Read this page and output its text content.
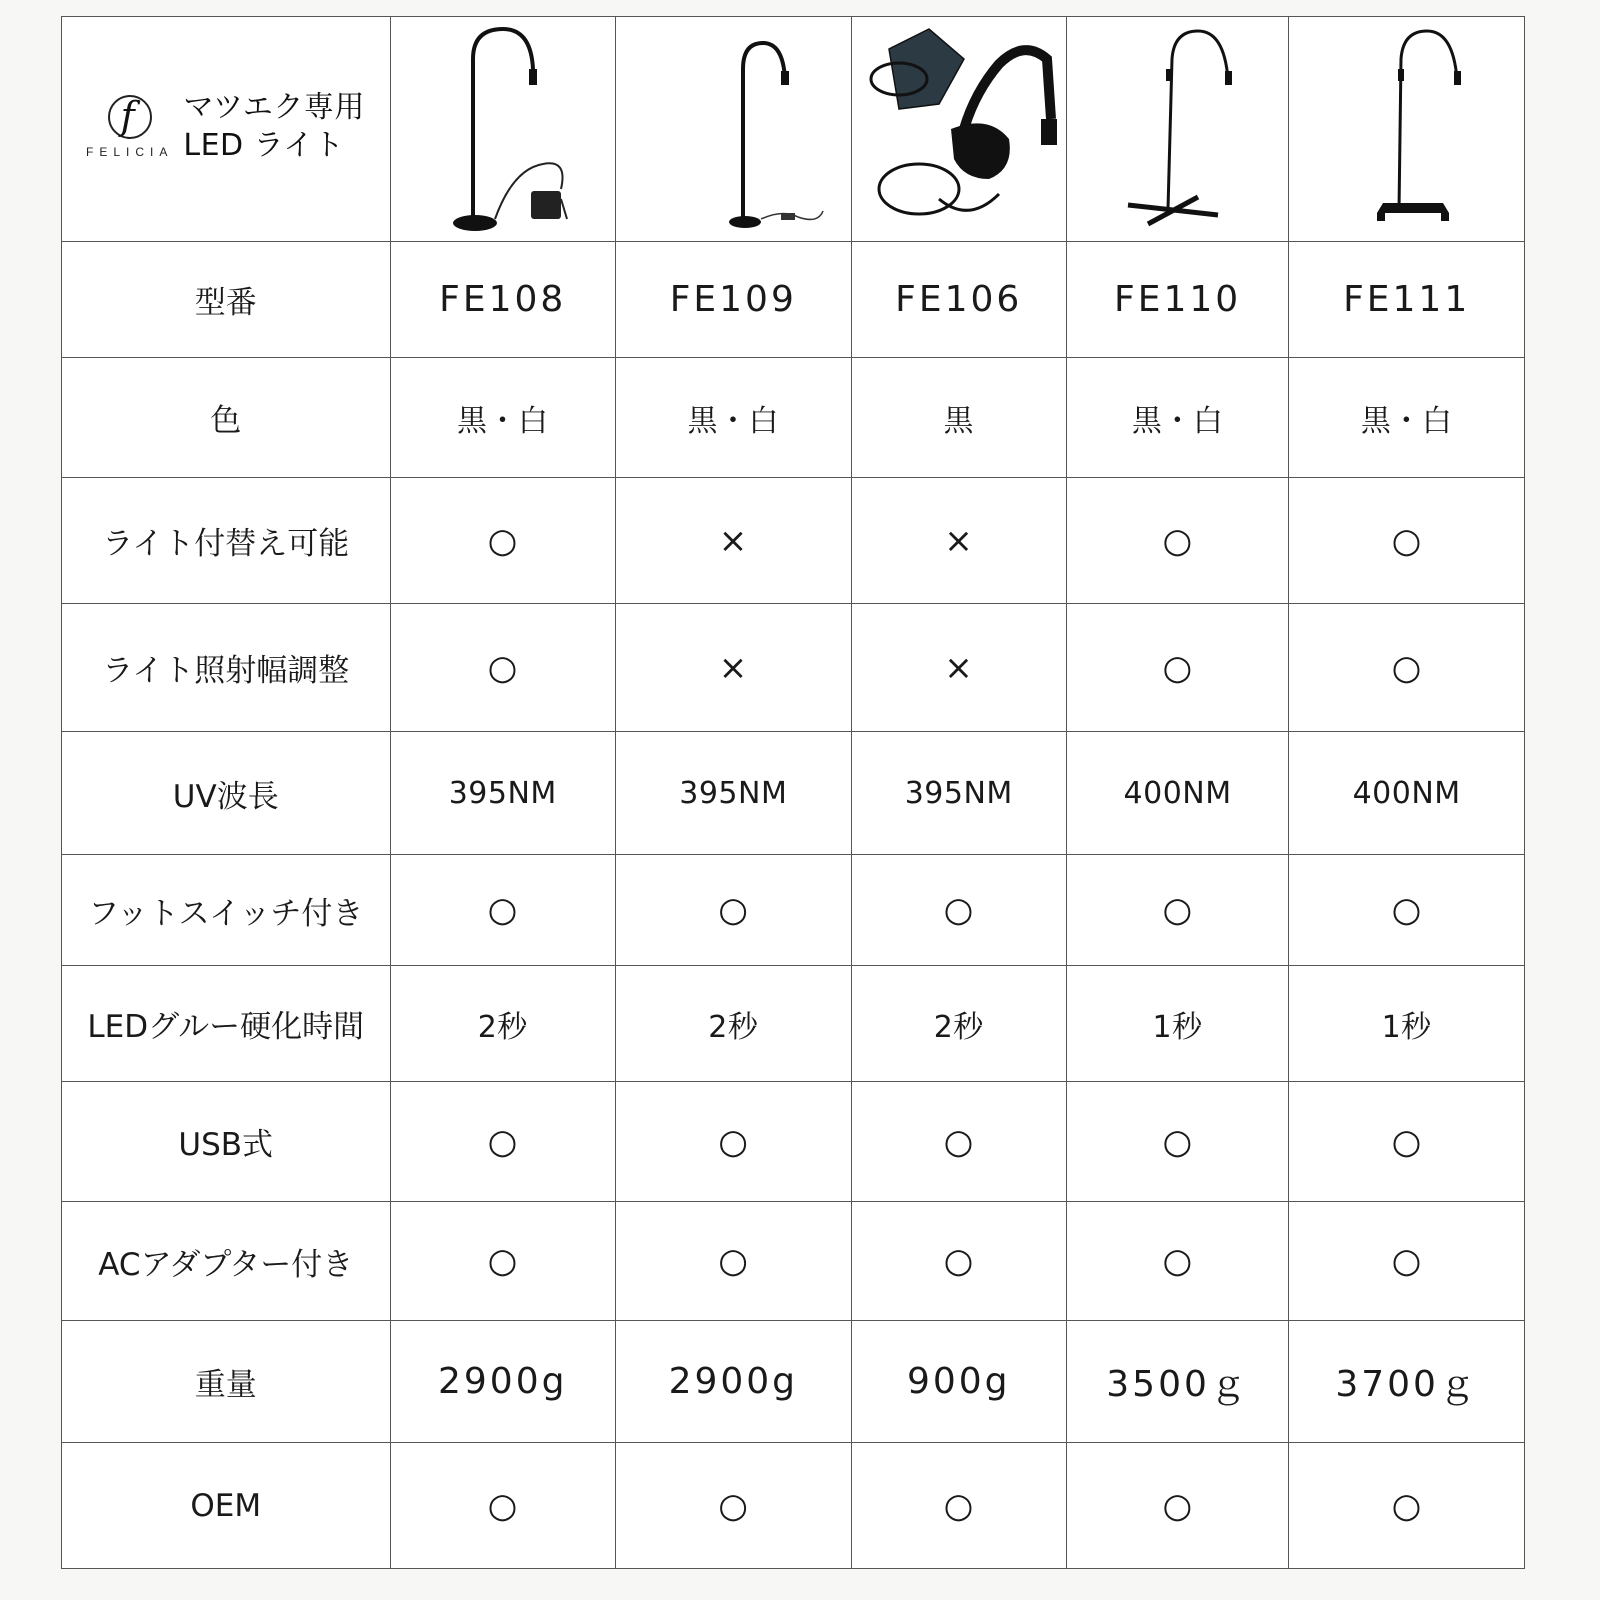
f
FELICIA
マツエク専用
LED ライト

型番	FE108	FE109	FE106	FE110	FE111
色	黒・白	黒・白	黒	黒・白	黒・白
ライト付替え可能	○	×	×	○	○
ライト照射幅調整	○	×	×	○	○
UV波長	395NM	395NM	395NM	400NM	400NM
フットスイッチ付き	○	○	○	○	○
LEDグルー硬化時間	2秒	2秒	2秒	1秒	1秒
USB式	○	○	○	○	○
ACアダプター付き	○	○	○	○	○
重量	2900g	2900g	900g	3500ｇ	3700ｇ
OEM	○	○	○	○	○
